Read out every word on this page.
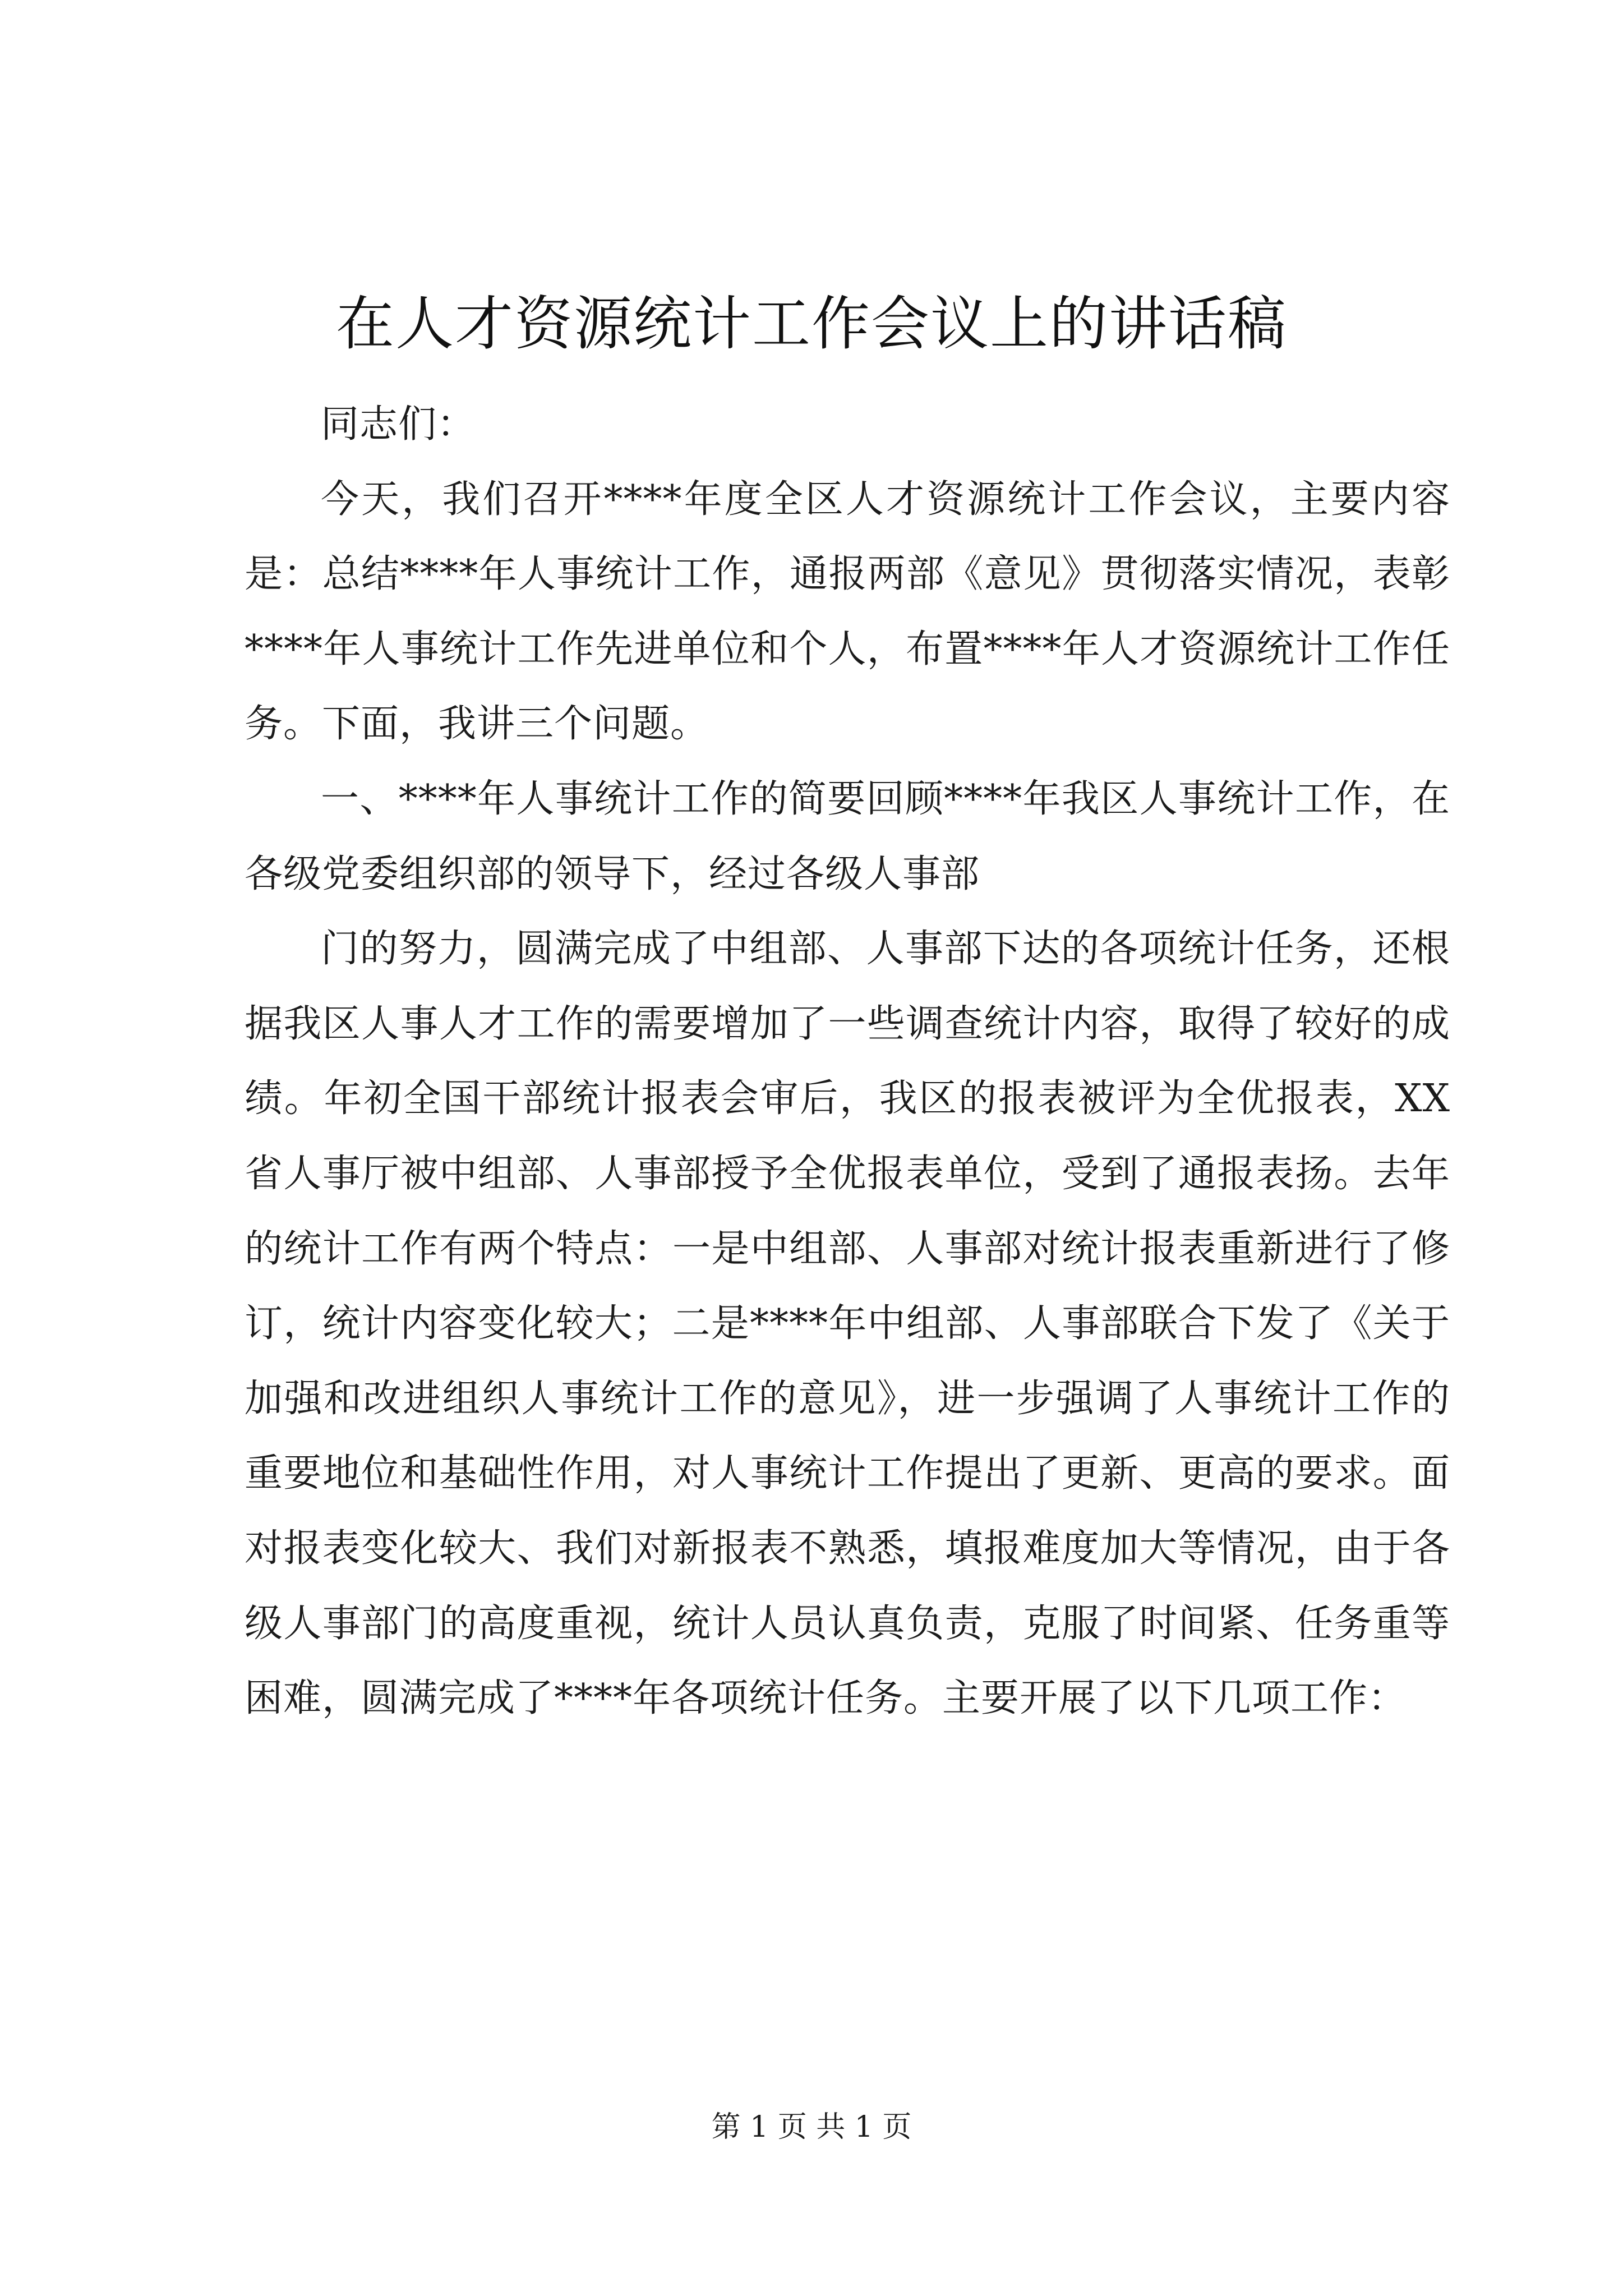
在人才资源统计工作会议上的讲话稿

同志们：

今天，我们召开****年度全区人才资源统计工作会议，主要内容是：总结****年人事统计工作，通报两部《意见》贯彻落实情况，表彰****年人事统计工作先进单位和个人，布置****年人才资源统计工作任务。下面，我讲三个问题。

一、****年人事统计工作的简要回顾****年我区人事统计工作，在各级党委组织部的领导下，经过各级人事部

门的努力，圆满完成了中组部、人事部下达的各项统计任务，还根据我区人事人才工作的需要增加了一些调查统计内容，取得了较好的成绩。年初全国干部统计报表会审后，我区的报表被评为全优报表，XX省人事厅被中组部、人事部授予全优报表单位，受到了通报表扬。去年的统计工作有两个特点：一是中组部、人事部对统计报表重新进行了修订，统计内容变化较大；二是****年中组部、人事部联合下发了《关于加强和改进组织人事统计工作的意见》，进一步强调了人事统计工作的重要地位和基础性作用，对人事统计工作提出了更新、更高的要求。面对报表变化较大、我们对新报表不熟悉，填报难度加大等情况，由于各级人事部门的高度重视，统计人员认真负责，克服了时间紧、任务重等困难，圆满完成了****年各项统计任务。主要开展了以下几项工作：

第 1 页 共 1 页
